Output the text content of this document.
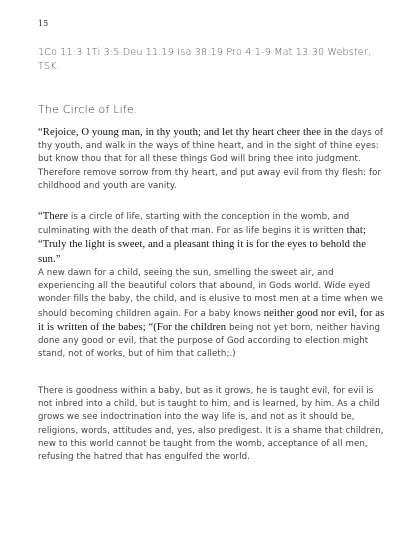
15
1Co 11:3 1Ti 3:5 Deu 11:19 Isa 38:19 Pro 4:1-9 Mat 13:30 Webster, TSK.
The Circle of Life.
“Rejoice, O young man, in thy youth; and let thy heart cheer thee in the days of thy youth, and walk in the ways of thine heart, and in the sight of thine eyes: but know thou that for all these things God will bring thee into judgment. Therefore remove sorrow from thy heart, and put away evil from thy flesh: for childhood and youth are vanity.
“There is a circle of life, starting with the conception in the womb, and culminating with the death of that man. For as life begins it is written that; “Truly the light is sweet, and a pleasant thing it is for the eyes to behold the sun.”
A new dawn for a child, seeing the sun, smelling the sweet air, and experiencing all the beautiful colors that abound, in Gods world. Wide eyed wonder fills the baby, the child, and is elusive to most men at a time when we should becoming children again. For a baby knows neither good nor evil, for as it is written of the babes; “(For the children being not yet born, neither having done any good or evil, that the purpose of God according to election might stand, not of works, but of him that calleth;.)
There is goodness within a baby, but as it grows, he is taught evil, for evil is not inbred into a child, but is taught to him, and is learned, by him. As a child grows we see indoctrination into the way life is, and not as it should be, religions, words, attitudes and, yes, also predigest. It is a shame that children, new to this world cannot be taught from the womb, acceptance of all men, refusing the hatred that has engulfed the world.
